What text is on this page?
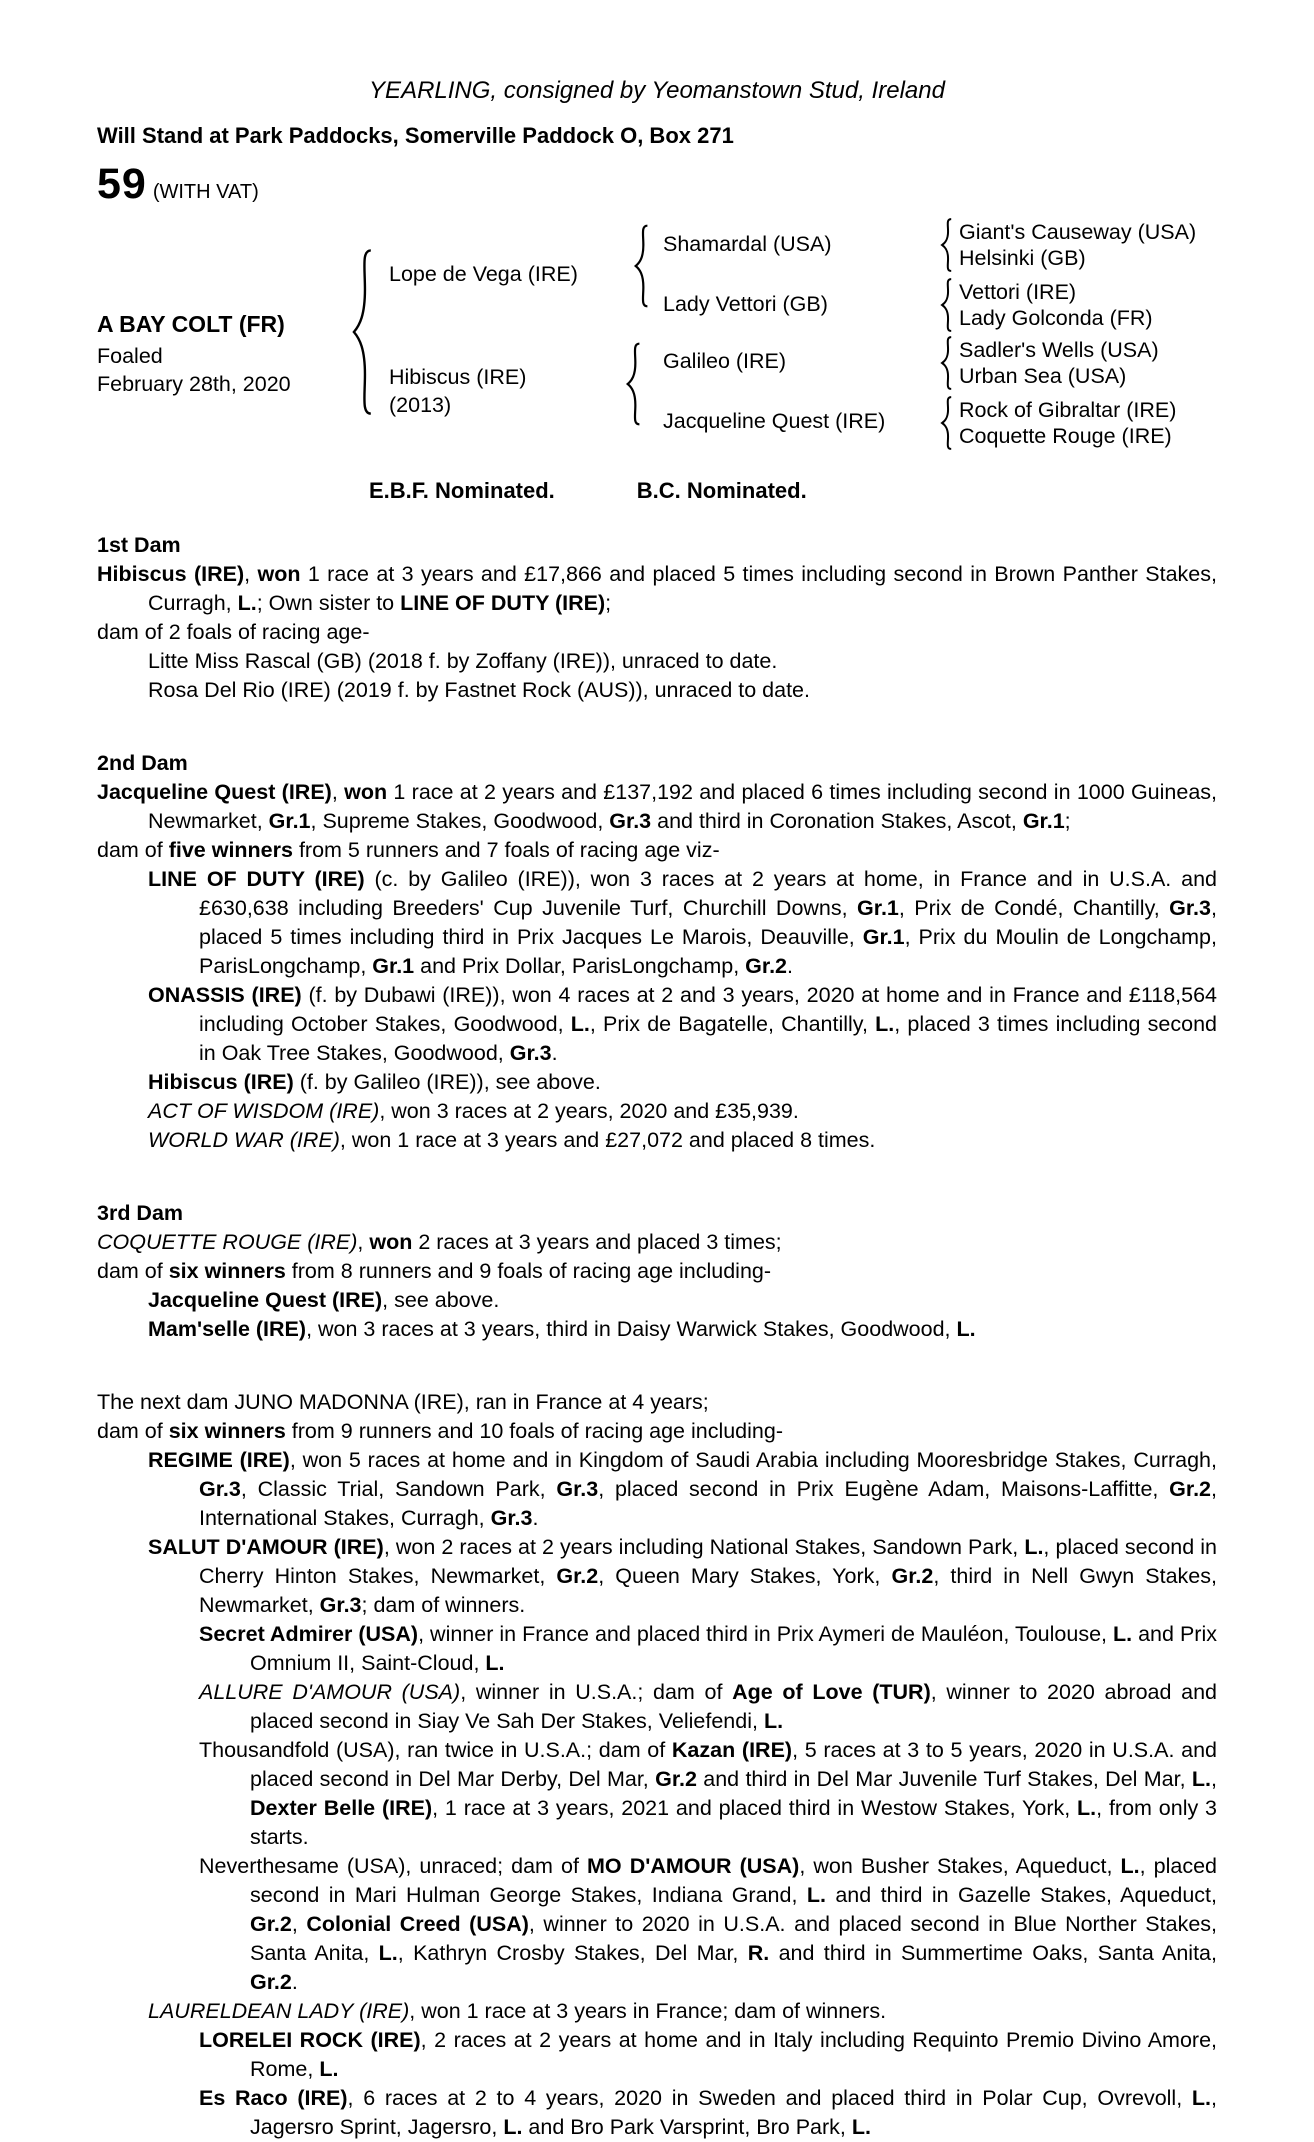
YEARLING, consigned by Yeomanstown Stud, Ireland
Will Stand at Park Paddocks, Somerville Paddock O, Box 271
59 (WITH VAT)
A BAY COLT (FR)
Foaled
February 28th, 2020
Lope de Vega (IRE)
Hibiscus (IRE)
(2013)
Shamardal (USA)
Lady Vettori (GB)
Galileo (IRE)
Jacqueline Quest (IRE)
Giant's Causeway (USA)
Helsinki (GB)
Vettori (IRE)
Lady Golconda (FR)
Sadler's Wells (USA)
Urban Sea (USA)
Rock of Gibraltar (IRE)
Coquette Rouge (IRE)
E.B.F. Nominated.	B.C. Nominated.
1st Dam

Hibiscus (IRE), won 1 race at 3 years and £17,866 and placed 5 times including second in Brown Panther Stakes, Curragh, L.; Own sister to LINE OF DUTY (IRE);

dam of 2 foals of racing age-

Litte Miss Rascal (GB) (2018 f. by Zoffany (IRE)), unraced to date.

Rosa Del Rio (IRE) (2019 f. by Fastnet Rock (AUS)), unraced to date.

2nd Dam

Jacqueline Quest (IRE), won 1 race at 2 years and £137,192 and placed 6 times including second in 1000 Guineas, Newmarket, Gr.1, Supreme Stakes, Goodwood, Gr.3 and third in Coronation Stakes, Ascot, Gr.1;

dam of five winners from 5 runners and 7 foals of racing age viz-

LINE OF DUTY (IRE) (c. by Galileo (IRE)), won 3 races at 2 years at home, in France and in U.S.A. and £630,638 including Breeders' Cup Juvenile Turf, Churchill Downs, Gr.1, Prix de Condé, Chantilly, Gr.3, placed 5 times including third in Prix Jacques Le Marois, Deauville, Gr.1, Prix du Moulin de Longchamp, ParisLongchamp, Gr.1 and Prix Dollar, ParisLongchamp, Gr.2.

ONASSIS (IRE) (f. by Dubawi (IRE)), won 4 races at 2 and 3 years, 2020 at home and in France and £118,564 including October Stakes, Goodwood, L., Prix de Bagatelle, Chantilly, L., placed 3 times including second in Oak Tree Stakes, Goodwood, Gr.3.

Hibiscus (IRE) (f. by Galileo (IRE)), see above.

ACT OF WISDOM (IRE), won 3 races at 2 years, 2020 and £35,939.

WORLD WAR (IRE), won 1 race at 3 years and £27,072 and placed 8 times.

3rd Dam

COQUETTE ROUGE (IRE), won 2 races at 3 years and placed 3 times;

dam of six winners from 8 runners and 9 foals of racing age including-

Jacqueline Quest (IRE), see above.

Mam'selle (IRE), won 3 races at 3 years, third in Daisy Warwick Stakes, Goodwood, L.

The next dam JUNO MADONNA (IRE), ran in France at 4 years;

dam of six winners from 9 runners and 10 foals of racing age including-

REGIME (IRE), won 5 races at home and in Kingdom of Saudi Arabia including Mooresbridge Stakes, Curragh, Gr.3, Classic Trial, Sandown Park, Gr.3, placed second in Prix Eugène Adam, Maisons-Laffitte, Gr.2, International Stakes, Curragh, Gr.3.

SALUT D'AMOUR (IRE), won 2 races at 2 years including National Stakes, Sandown Park, L., placed second in Cherry Hinton Stakes, Newmarket, Gr.2, Queen Mary Stakes, York, Gr.2, third in Nell Gwyn Stakes, Newmarket, Gr.3; dam of winners.

Secret Admirer (USA), winner in France and placed third in Prix Aymeri de Mauléon, Toulouse, L. and Prix Omnium II, Saint-Cloud, L.

ALLURE D'AMOUR (USA), winner in U.S.A.; dam of Age of Love (TUR), winner to 2020 abroad and placed second in Siay Ve Sah Der Stakes, Veliefendi, L.

Thousandfold (USA), ran twice in U.S.A.; dam of Kazan (IRE), 5 races at 3 to 5 years, 2020 in U.S.A. and placed second in Del Mar Derby, Del Mar, Gr.2 and third in Del Mar Juvenile Turf Stakes, Del Mar, L., Dexter Belle (IRE), 1 race at 3 years, 2021 and placed third in Westow Stakes, York, L., from only 3 starts.

Neverthesame (USA), unraced; dam of MO D'AMOUR (USA), won Busher Stakes, Aqueduct, L., placed second in Mari Hulman George Stakes, Indiana Grand, L. and third in Gazelle Stakes, Aqueduct, Gr.2, Colonial Creed (USA), winner to 2020 in U.S.A. and placed second in Blue Norther Stakes, Santa Anita, L., Kathryn Crosby Stakes, Del Mar, R. and third in Summertime Oaks, Santa Anita, Gr.2.

LAURELDEAN LADY (IRE), won 1 race at 3 years in France; dam of winners.

LORELEI ROCK (IRE), 2 races at 2 years at home and in Italy including Requinto Premio Divino Amore, Rome, L.

Es Raco (IRE), 6 races at 2 to 4 years, 2020 in Sweden and placed third in Polar Cup, Ovrevoll, L., Jagersro Sprint, Jagersro, L. and Bro Park Varsprint, Bro Park, L.
